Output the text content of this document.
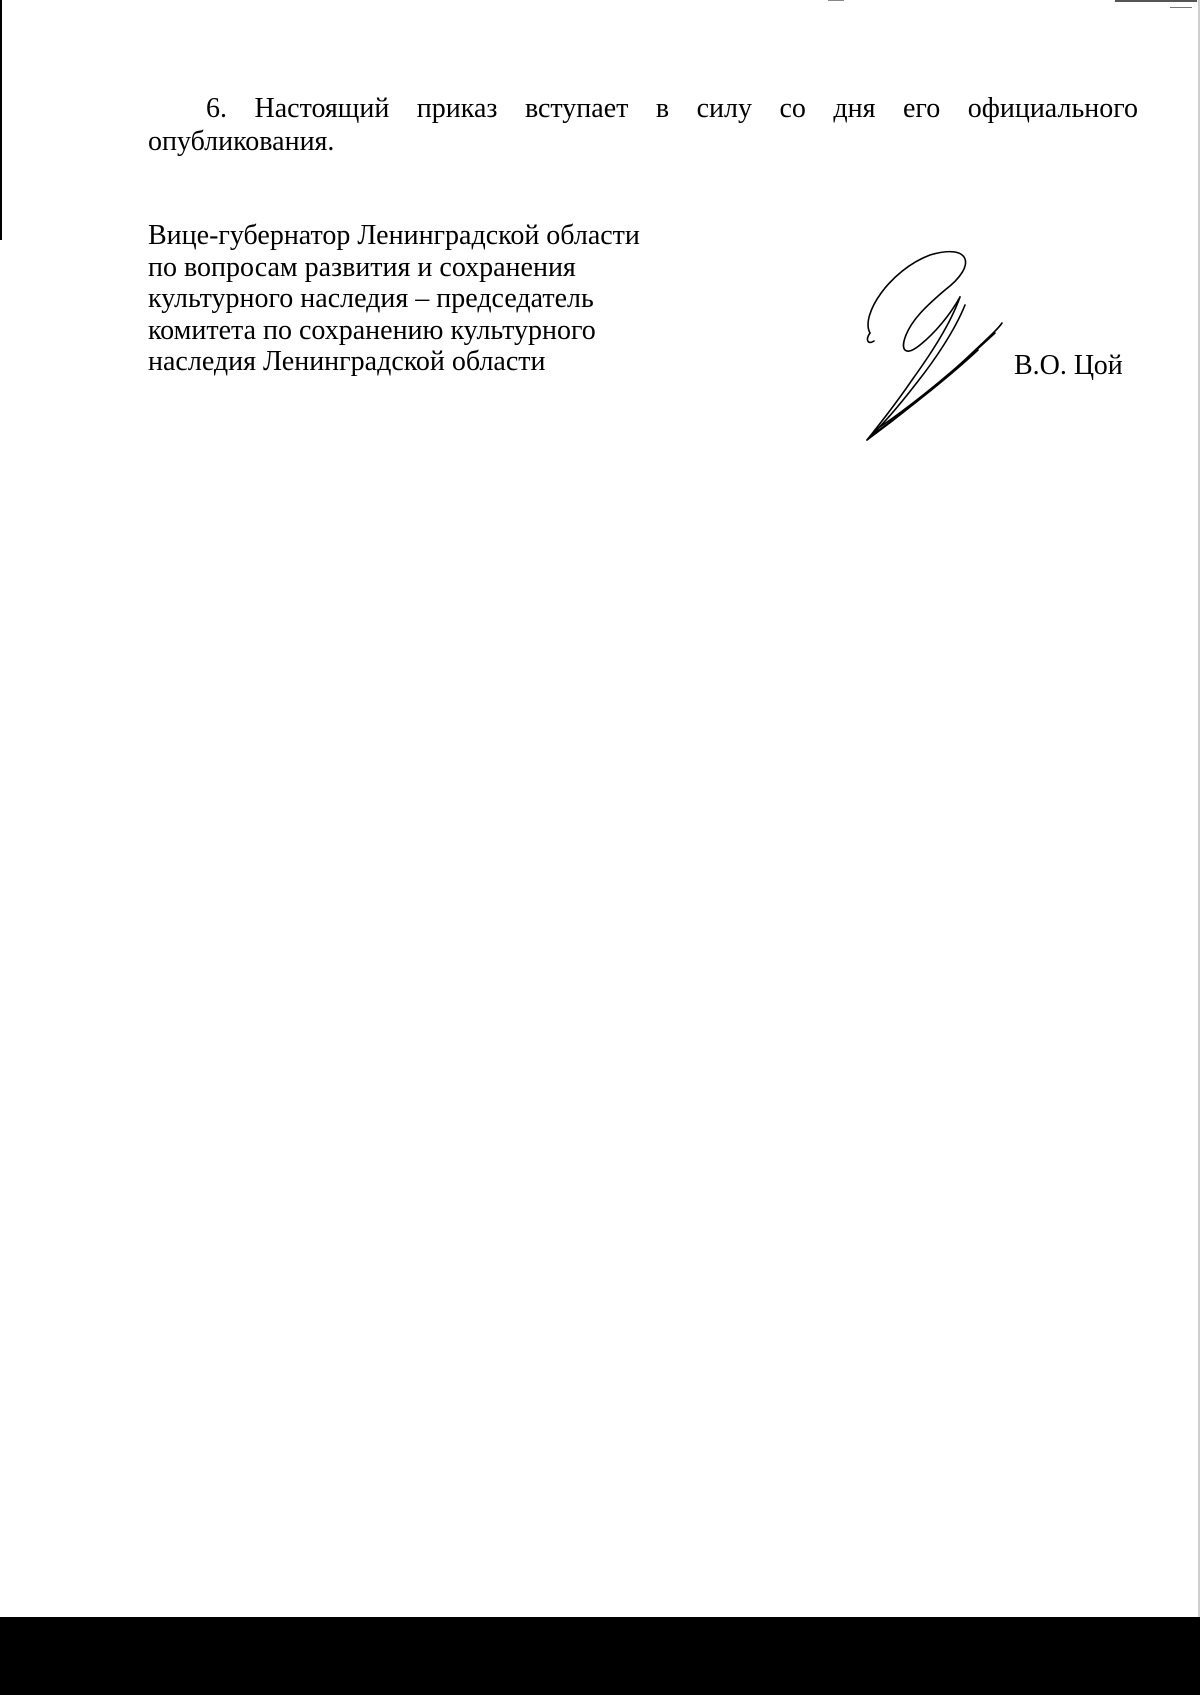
6. Настоящий приказ вступает в силу со дня его официального
опубликования.
Вице-губернатор Ленинградской области
по вопросам развития и сохранения
культурного наследия – председатель
комитета по сохранению культурного
наследия Ленинградской области	В.О. Цой
